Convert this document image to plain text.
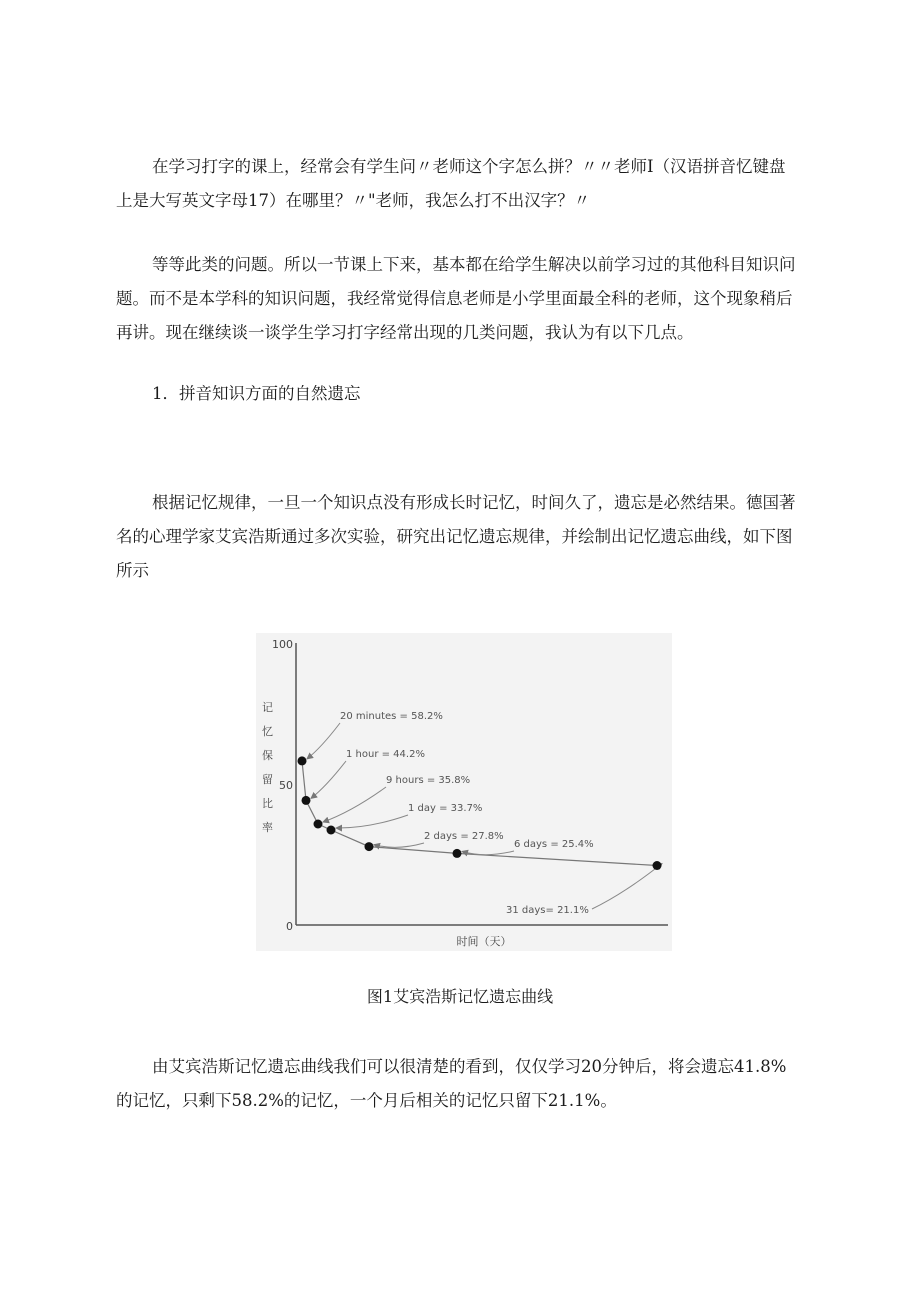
在学习打字的课上，经常会有学生问〃老师这个字怎么拼？〃〃老师I（汉语拼音忆键盘
上是大写英文字母17）在哪里？〃"老师，我怎么打不出汉字？〃
等等此类的问题。所以一节课上下来，基本都在给学生解决以前学习过的其他科目知识问
题。而不是本学科的知识问题，我经常觉得信息老师是小学里面最全科的老师，这个现象稍后
再讲。现在继续谈一谈学生学习打字经常出现的几类问题，我认为有以下几点。
1．拼音知识方面的自然遗忘
根据记忆规律，一旦一个知识点没有形成长时记忆，时间久了，遗忘是必然结果。德国著
名的心理学家艾宾浩斯通过多次实验，研究出记忆遗忘规律，并绘制出记忆遗忘曲线，如下图
所示
0
50
100
记
忆
保
留
比
率
时间（天）
20 minutes = 58.2%
1 hour = 44.2%
9 hours = 35.8%
1 day = 33.7%
2 days = 27.8%
6 days = 25.4%
31 days= 21.1%
图1艾宾浩斯记忆遗忘曲线
由艾宾浩斯记忆遗忘曲线我们可以很清楚的看到，仅仅学习20分钟后，将会遗忘41.8%
的记忆，只剩下58.2%的记忆，一个月后相关的记忆只留下21.1%。
